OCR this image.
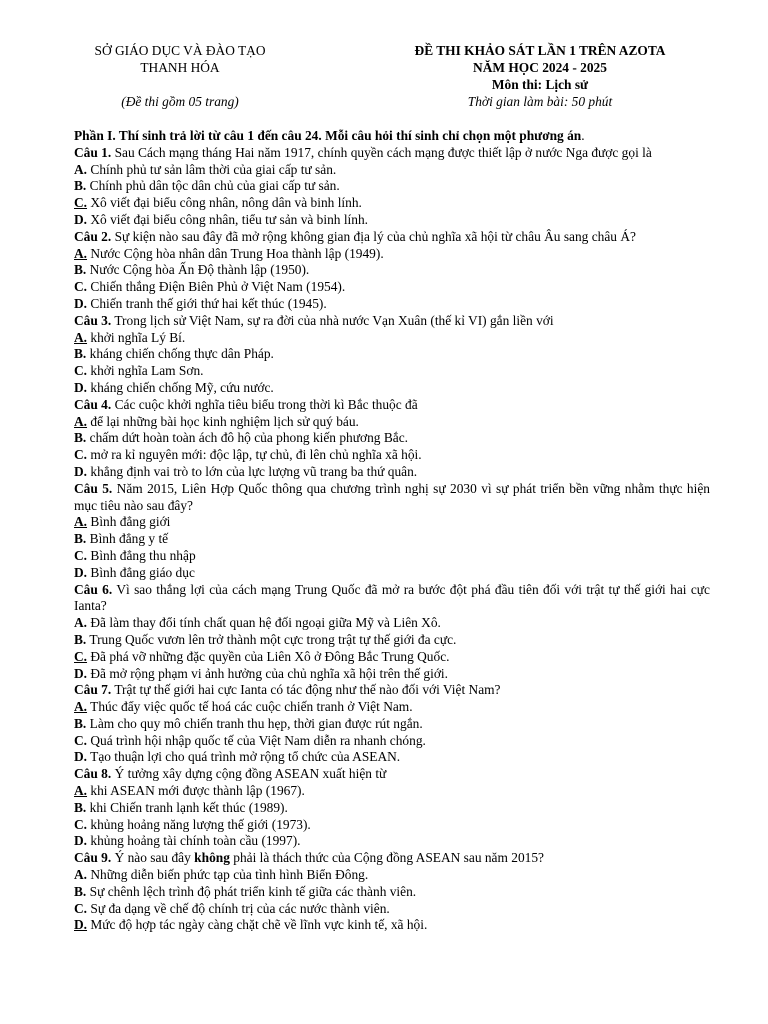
SỞ GIÁO DỤC VÀ ĐÀO TẠO
THANH HÓA
(Đề thi gồm 05 trang)
ĐỀ THI KHẢO SÁT LẦN 1 TRÊN AZOTA
NĂM HỌC 2024 - 2025
Môn thi: Lịch sử
Thời gian làm bài: 50 phút
Phần I. Thí sinh trả lời từ câu 1 đến câu 24. Mỗi câu hỏi thí sinh chỉ chọn một phương án.
Câu 1. Sau Cách mạng tháng Hai năm 1917, chính quyền cách mạng được thiết lập ở nước Nga được gọi là
A. Chính phủ tư sản lâm thời của giai cấp tư sản.
B. Chính phủ dân tộc dân chủ của giai cấp tư sản.
C. Xô viết đại biểu công nhân, nông dân và binh lính.
D. Xô viết đại biểu công nhân, tiểu tư sản và binh lính.
Câu 2. Sự kiện nào sau đây đã mở rộng không gian địa lý của chủ nghĩa xã hội từ châu Âu sang châu Á?
A. Nước Cộng hòa nhân dân Trung Hoa thành lập (1949).
B. Nước Cộng hòa Ấn Độ thành lập (1950).
C. Chiến thắng Điện Biên Phủ ở Việt Nam (1954).
D. Chiến tranh thế giới thứ hai kết thúc (1945).
Câu 3. Trong lịch sử Việt Nam, sự ra đời của nhà nước Vạn Xuân (thế kỉ VI) gắn liền với
A. khởi nghĩa Lý Bí.
B. kháng chiến chống thực dân Pháp.
C. khởi nghĩa Lam Sơn.
D. kháng chiến chống Mỹ, cứu nước.
Câu 4. Các cuộc khởi nghĩa tiêu biểu trong thời kì Bắc thuộc đã
A. để lại những bài học kinh nghiệm lịch sử quý báu.
B. chấm dứt hoàn toàn ách đô hộ của phong kiến phương Bắc.
C. mở ra kỉ nguyên mới: độc lập, tự chủ, đi lên chủ nghĩa xã hội.
D. khẳng định vai trò to lớn của lực lượng vũ trang ba thứ quân.
Câu 5. Năm 2015, Liên Hợp Quốc thông qua chương trình nghị sự 2030 vì sự phát triển bền vững nhằm thực hiện mục tiêu nào sau đây?
A. Bình đẳng giới
B. Bình đẳng y tế
C. Bình đẳng thu nhập
D. Bình đẳng giáo dục
Câu 6. Vì sao thắng lợi của cách mạng Trung Quốc đã mở ra bước đột phá đầu tiên đối với trật tự thế giới hai cực Ianta?
A. Đã làm thay đổi tính chất quan hệ đối ngoại giữa Mỹ và Liên Xô.
B. Trung Quốc vươn lên trở thành một cực trong trật tự thế giới đa cực.
C. Đã phá vỡ những đặc quyền của Liên Xô ở Đông Bắc Trung Quốc.
D. Đã mở rộng phạm vi ảnh hưởng của chủ nghĩa xã hội trên thế giới.
Câu 7. Trật tự thế giới hai cực Ianta có tác động như thế nào đối với Việt Nam?
A. Thúc đẩy việc quốc tế hoá các cuộc chiến tranh ở Việt Nam.
B. Làm cho quy mô chiến tranh thu hẹp, thời gian được rút ngắn.
C. Quá trình hội nhập quốc tế của Việt Nam diễn ra nhanh chóng.
D. Tạo thuận lợi cho quá trình mở rộng tổ chức của ASEAN.
Câu 8. Ý tưởng xây dựng cộng đồng ASEAN xuất hiện từ
A. khi ASEAN mới được thành lập (1967).
B. khi Chiến tranh lạnh kết thúc (1989).
C. khủng hoảng năng lượng thế giới (1973).
D. khủng hoảng tài chính toàn cầu (1997).
Câu 9. Ý nào sau đây không phải là thách thức của Cộng đồng ASEAN sau năm 2015?
A. Những diễn biến phức tạp của tình hình Biển Đông.
B. Sự chênh lệch trình độ phát triển kinh tế giữa các thành viên.
C. Sự đa dạng về chế độ chính trị của các nước thành viên.
D. Mức độ hợp tác ngày càng chặt chẽ về lĩnh vực kinh tế, xã hội.
